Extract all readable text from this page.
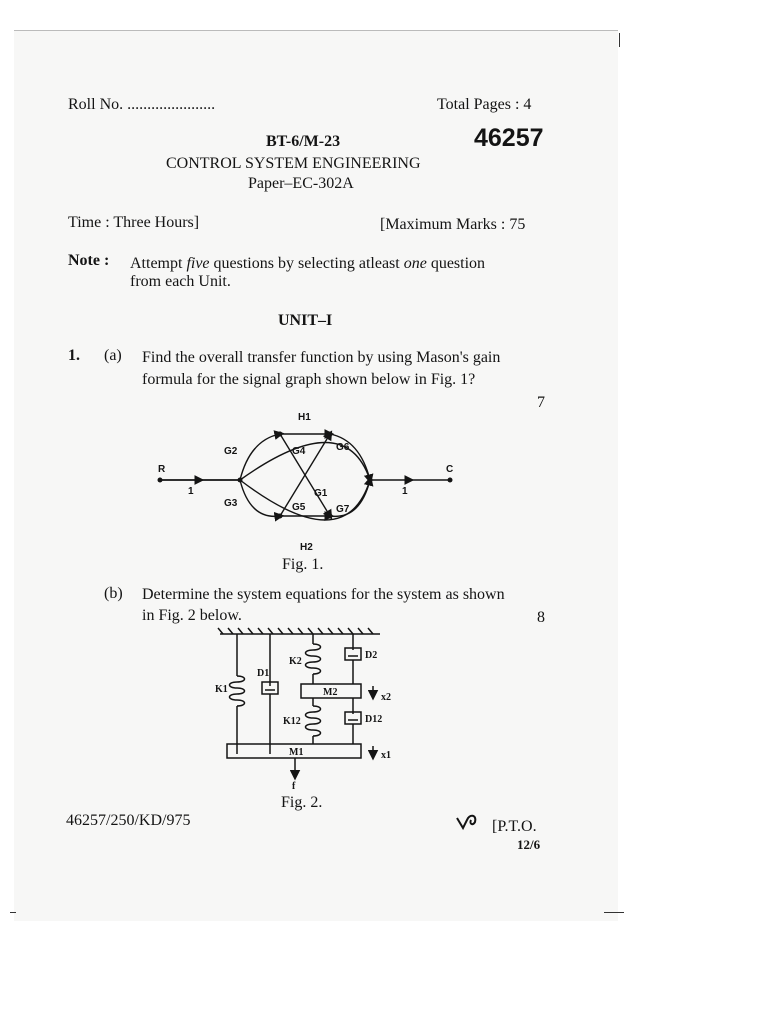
Roll No. ......................	Total Pages : 4
BT-6/M-23	46257
CONTROL SYSTEM ENGINEERING
Paper–EC-302A
Time : Three Hours]	[Maximum Marks : 75
Note : Attempt five questions by selecting atleast one question
from each Unit.
UNIT–I
1. (a) Find the overall transfer function by using Mason's gain
formula for the signal graph shown below in Fig. 1?
7
R
1
C
1
H1
H2
G2
G3
G4
G5
G6
G7
G1
Fig. 1.
(b) Determine the system equations for the system as shown
in Fig. 2 below.	8
K1
D1
K2
D2
M2	x2
K12	D12
M1	x1
f
Fig. 2.
46257/250/KD/975	[P.T.O.
12/6
